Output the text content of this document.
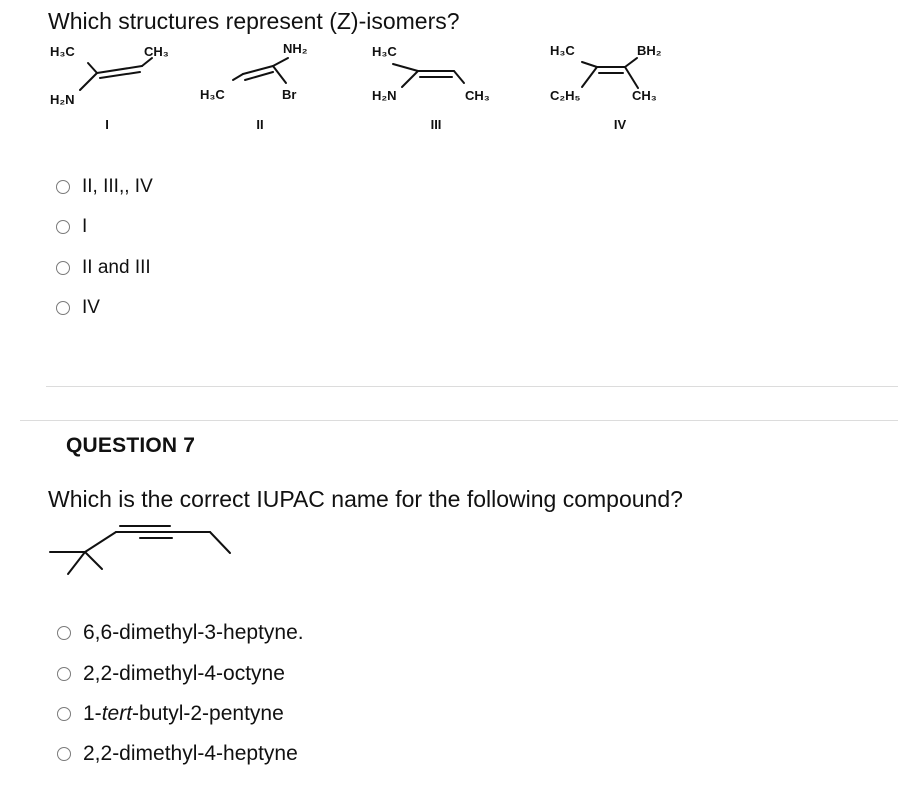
Which structures represent (Z)-isomers?
H₃C	CH₃
H₂N
I
NH₂
H₃C	Br
II
H₃C
H₂N	CH₃
III
H₃C	BH₂
C₂H₅	CH₃
IV
II, III,, IV
I
II and III
IV
QUESTION 7
Which is the correct IUPAC name for the following compound?
6,6-dimethyl-3-heptyne.
2,2-dimethyl-4-octyne
1-tert-butyl-2-pentyne
2,2-dimethyl-4-heptyne
